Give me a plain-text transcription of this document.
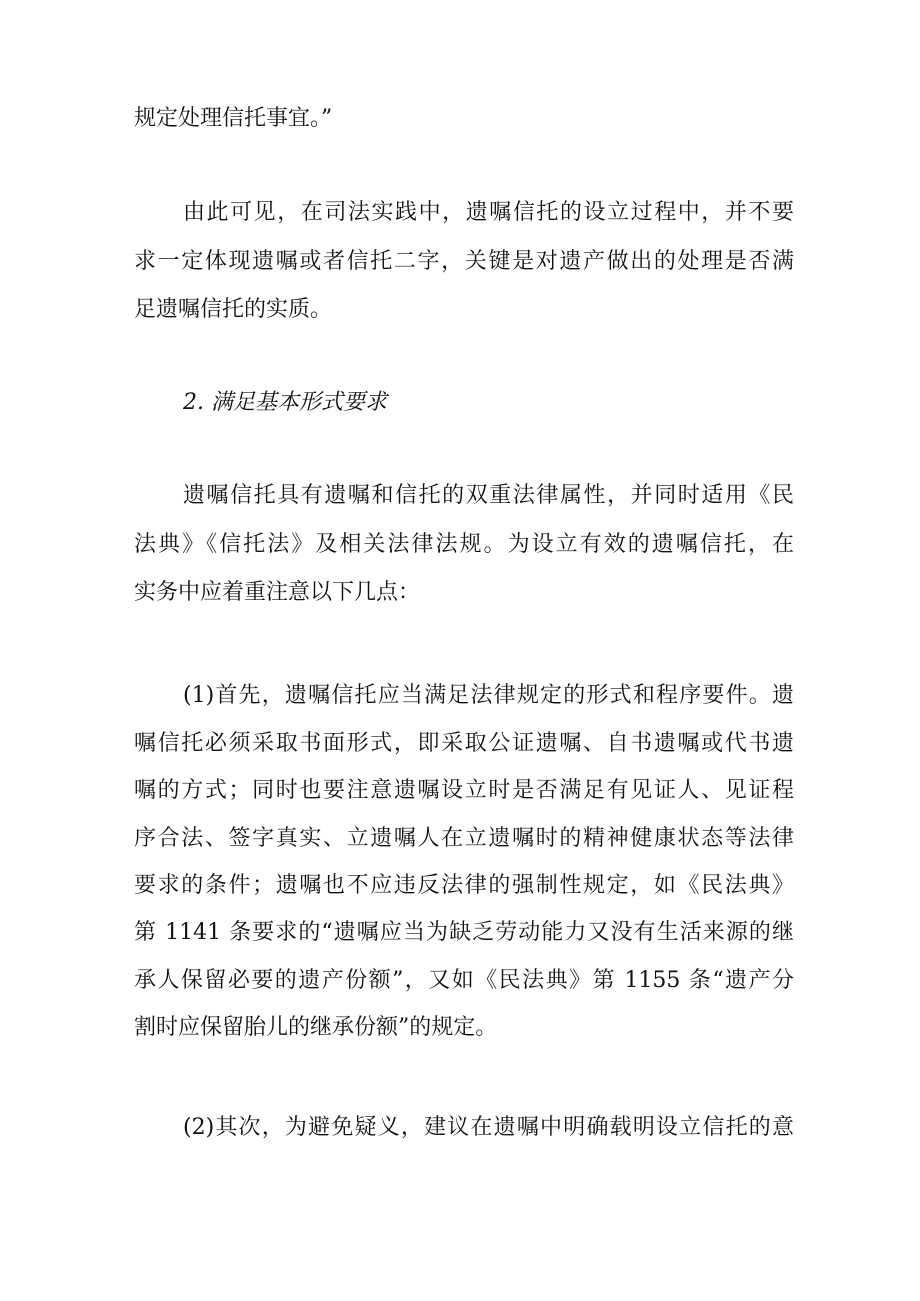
规定处理信托事宜。”
由此可见，在司法实践中，遗嘱信托的设立过程中，并不要
求一定体现遗嘱或者信托二字，关键是对遗产做出的处理是否满
足遗嘱信托的实质。
2. 满足基本形式要求
遗嘱信托具有遗嘱和信托的双重法律属性，并同时适用《民
法典》《信托法》及相关法律法规。为设立有效的遗嘱信托，在
实务中应着重注意以下几点：
(1)首先，遗嘱信托应当满足法律规定的形式和程序要件。遗
嘱信托必须采取书面形式，即采取公证遗嘱、自书遗嘱或代书遗
嘱的方式；同时也要注意遗嘱设立时是否满足有见证人、见证程
序合法、签字真实、立遗嘱人在立遗嘱时的精神健康状态等法律
要求的条件；遗嘱也不应违反法律的强制性规定，如《民法典》
第 1141 条要求的“遗嘱应当为缺乏劳动能力又没有生活来源的继
承人保留必要的遗产份额”，又如《民法典》第 1155 条“遗产分
割时应保留胎儿的继承份额”的规定。
(2)其次，为避免疑义，建议在遗嘱中明确载明设立信托的意
